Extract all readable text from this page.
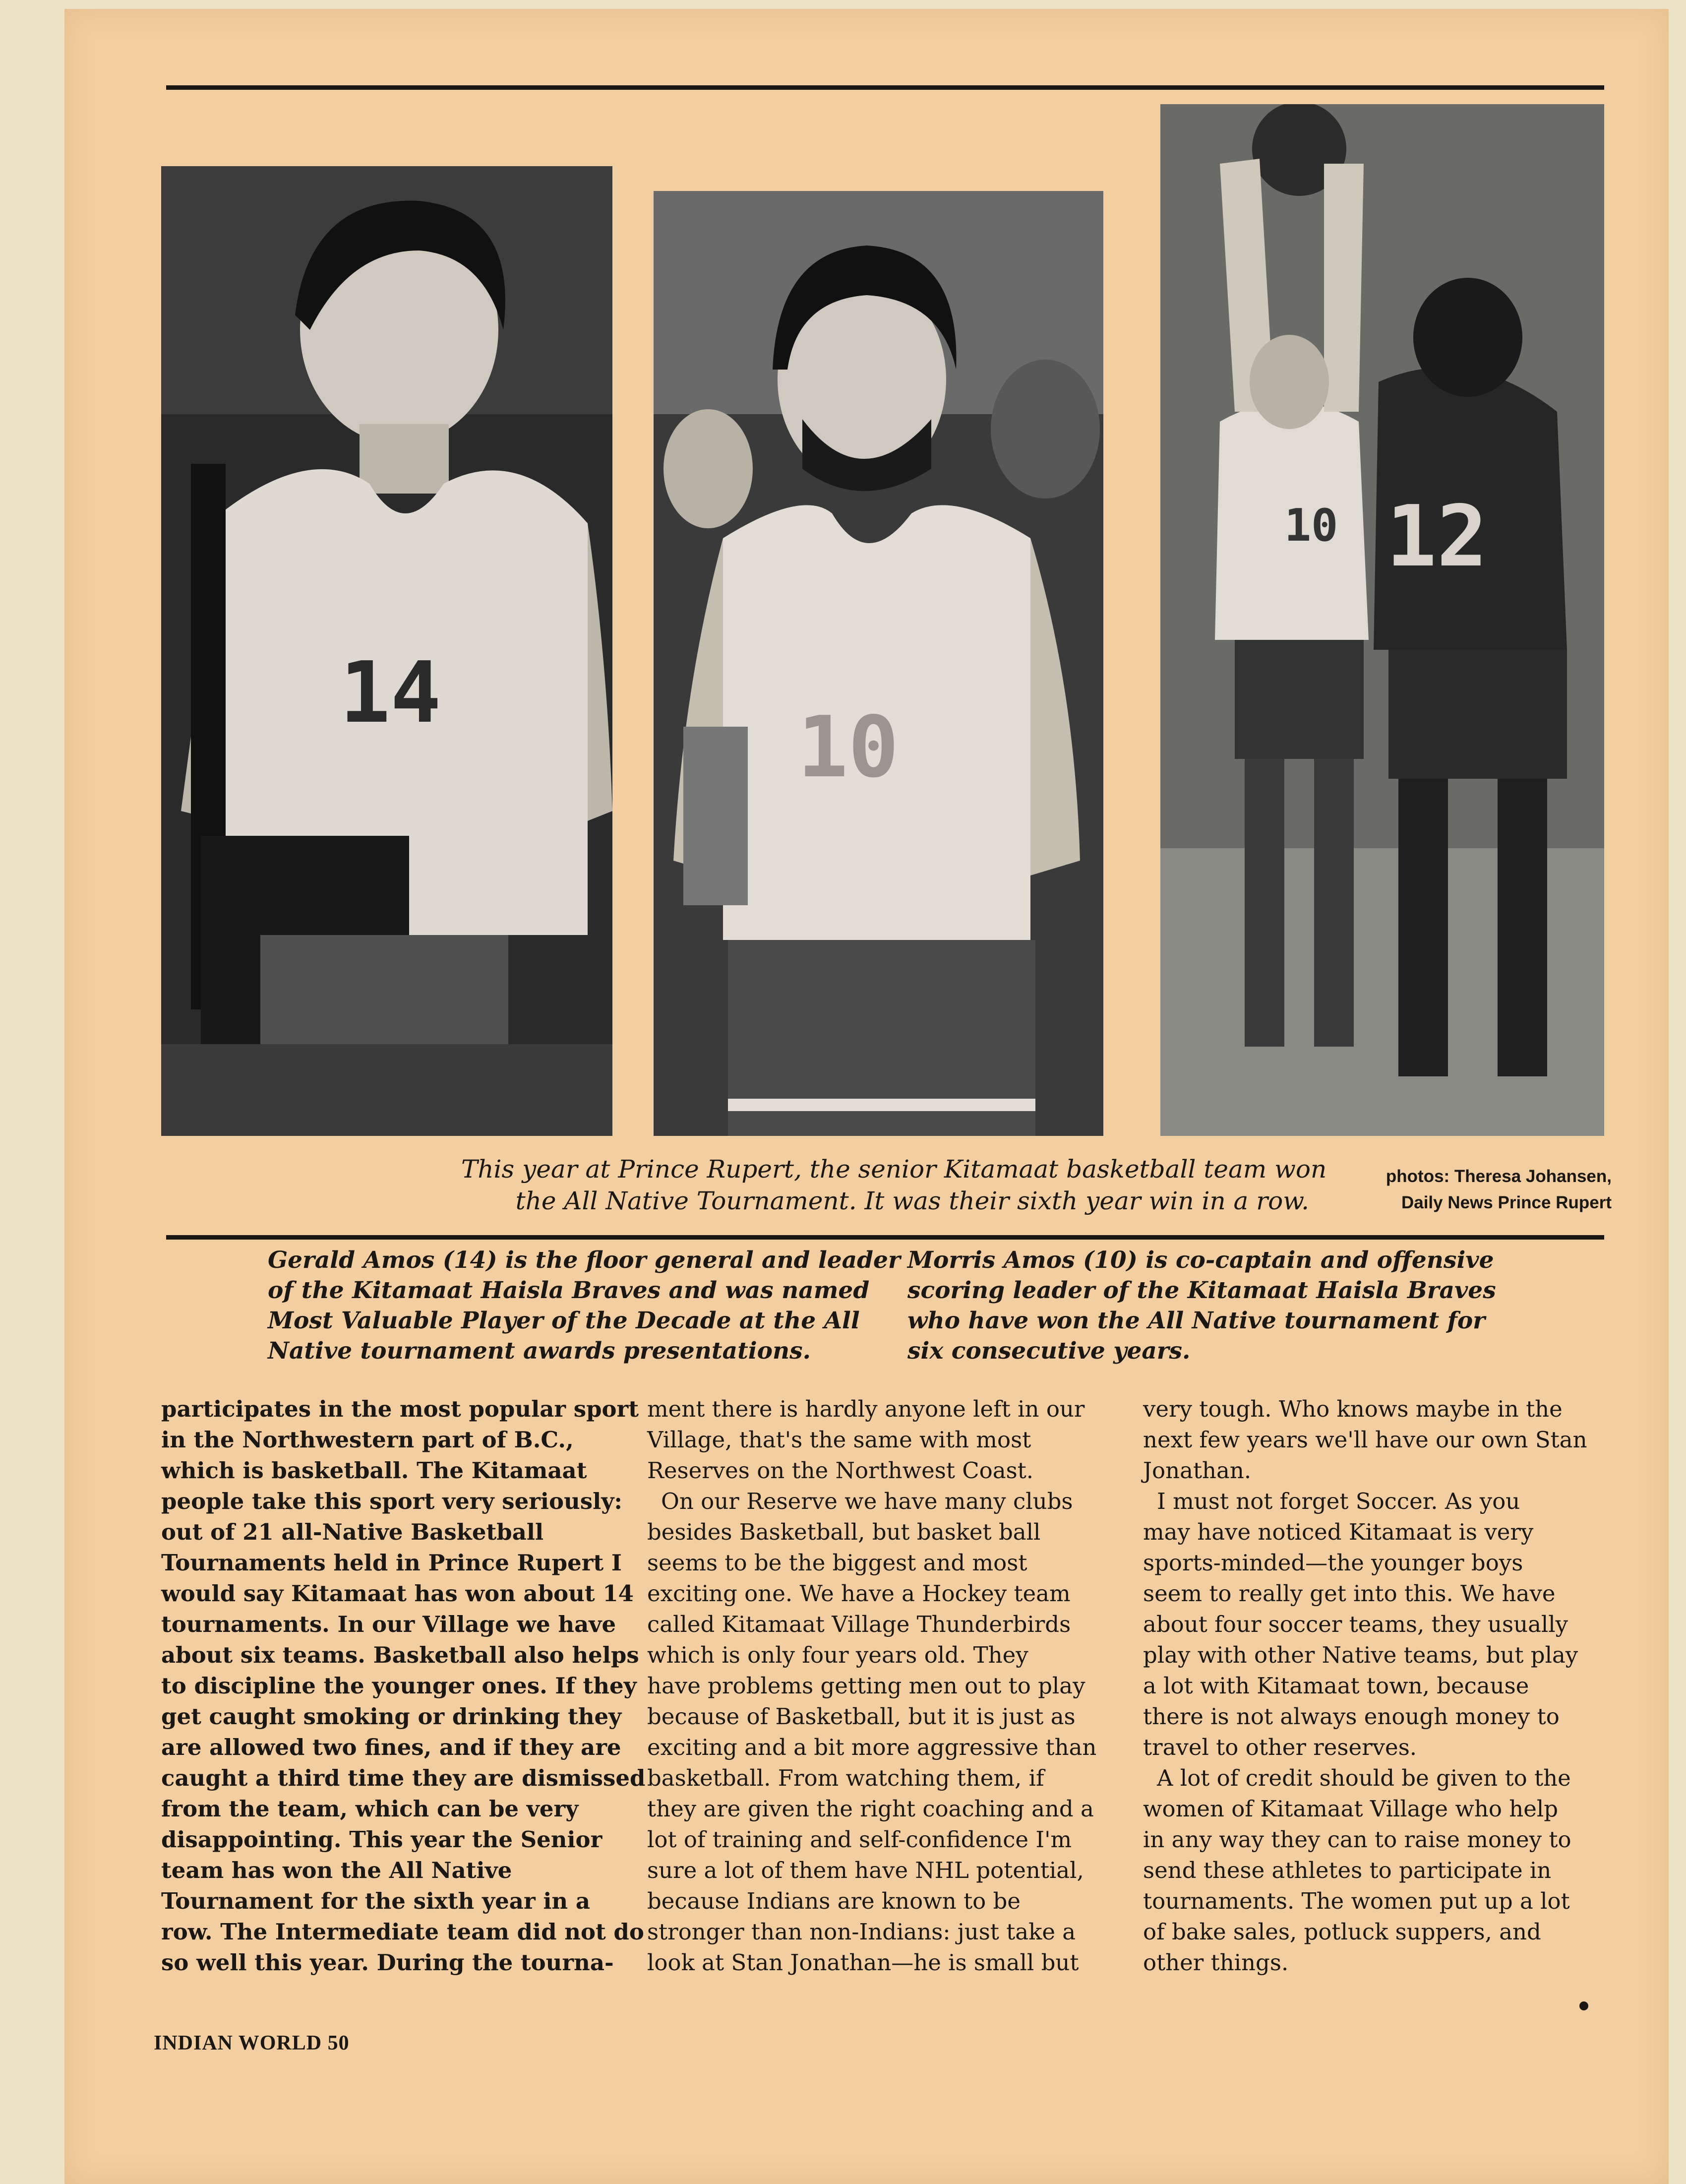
14
10
10 12
This year at Prince Rupert, the senior Kitamaat basketball team won
the All Native Tournament. It was their sixth year win in a row.
photos: Theresa Johansen,
Daily News Prince Rupert
Gerald Amos (14) is the floor general and leader
of the Kitamaat Haisla Braves and was named
Most Valuable Player of the Decade at the All
Native tournament awards presentations.
Morris Amos (10) is co-captain and offensive
scoring leader of the Kitamaat Haisla Braves
who have won the All Native tournament for
six consecutive years.
participates in the most popular sport
in the Northwestern part of B.C.,
which is basketball. The Kitamaat
people take this sport very seriously:
out of 21 all-Native Basketball
Tournaments held in Prince Rupert I
would say Kitamaat has won about 14
tournaments. In our Village we have
about six teams. Basketball also helps
to discipline the younger ones. If they
get caught smoking or drinking they
are allowed two fines, and if they are
caught a third time they are dismissed
from the team, which can be very
disappointing. This year the Senior
team has won the All Native
Tournament for the sixth year in a
row. The Intermediate team did not do
so well this year. During the tourna-
ment there is hardly anyone left in our
Village, that's the same with most
Reserves on the Northwest Coast.
On our Reserve we have many clubs
besides Basketball, but basket ball
seems to be the biggest and most
exciting one. We have a Hockey team
called Kitamaat Village Thunderbirds
which is only four years old. They
have problems getting men out to play
because of Basketball, but it is just as
exciting and a bit more aggressive than
basketball. From watching them, if
they are given the right coaching and a
lot of training and self-confidence I'm
sure a lot of them have NHL potential,
because Indians are known to be
stronger than non-Indians: just take a
look at Stan Jonathan—he is small but
very tough. Who knows maybe in the
next few years we'll have our own Stan
Jonathan.
I must not forget Soccer. As you
may have noticed Kitamaat is very
sports-minded—the younger boys
seem to really get into this. We have
about four soccer teams, they usually
play with other Native teams, but play
a lot with Kitamaat town, because
there is not always enough money to
travel to other reserves.
A lot of credit should be given to the
women of Kitamaat Village who help
in any way they can to raise money to
send these athletes to participate in
tournaments. The women put up a lot
of bake sales, potluck suppers, and
other things.
INDIAN WORLD 50
